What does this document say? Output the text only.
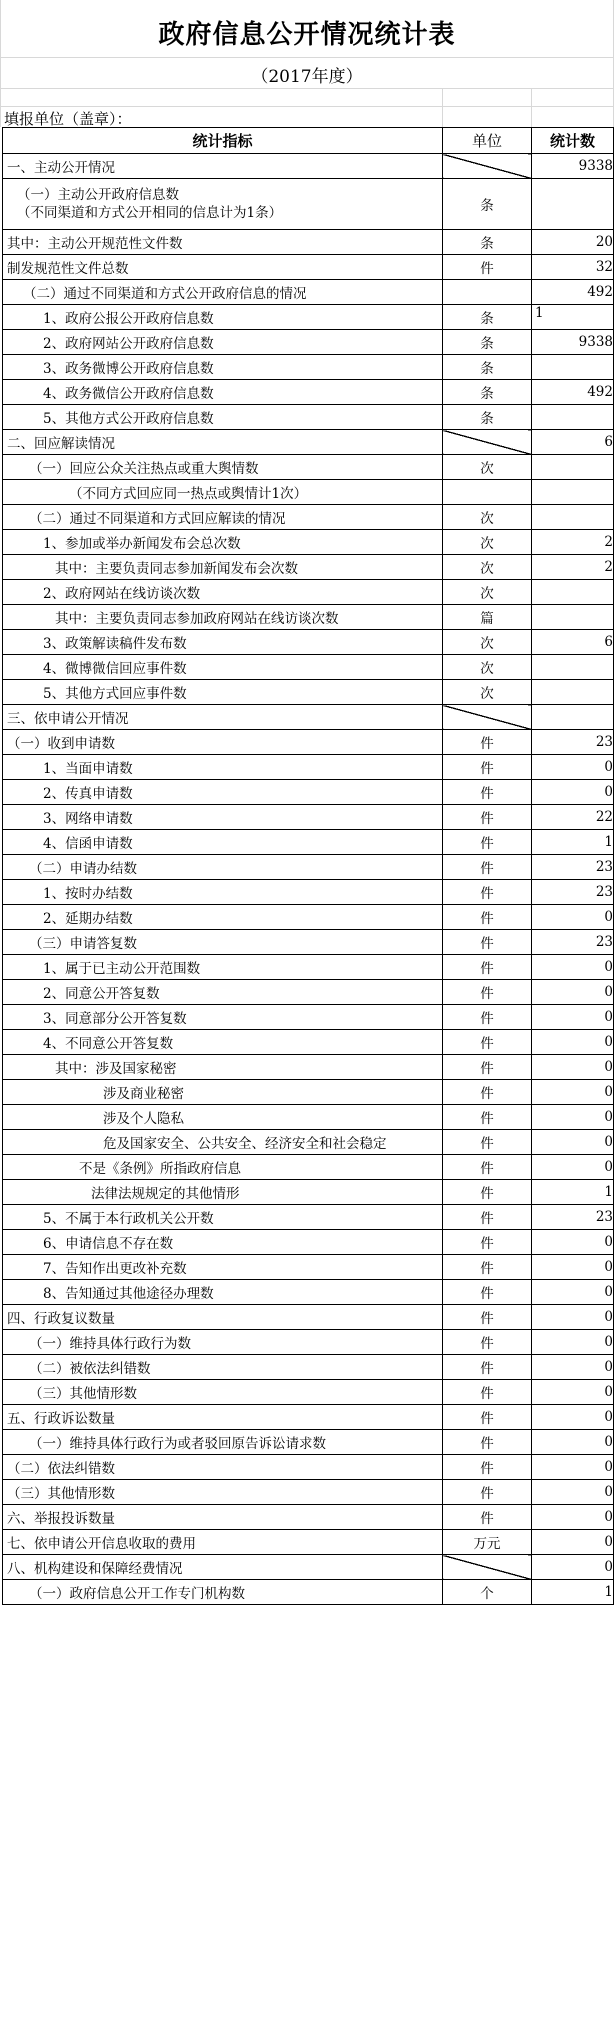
政府信息公开情况统计表
（2017年度）
填报单位（盖章）：
统计指标	单位	统计数
一、主动公开情况		9338
（一）主动公开政府信息数
（不同渠道和方式公开相同的信息计为1条）	条	
其中：主动公开规范性文件数	条	20
制发规范性文件总数	件	32
（二）通过不同渠道和方式公开政府信息的情况		492
1、政府公报公开政府信息数	条	1
2、政府网站公开政府信息数	条	9338
3、政务微博公开政府信息数	条	
4、政务微信公开政府信息数	条	492
5、其他方式公开政府信息数	条	
二、回应解读情况		6
（一）回应公众关注热点或重大舆情数	次	
（不同方式回应同一热点或舆情计1次）		
（二）通过不同渠道和方式回应解读的情况	次	
1、参加或举办新闻发布会总次数	次	2
其中：主要负责同志参加新闻发布会次数	次	2
2、政府网站在线访谈次数	次	
其中：主要负责同志参加政府网站在线访谈次数	篇	
3、政策解读稿件发布数	次	6
4、微博微信回应事件数	次	
5、其他方式回应事件数	次	
三、依申请公开情况		
（一）收到申请数	件	23
1、当面申请数	件	0
2、传真申请数	件	0
3、网络申请数	件	22
4、信函申请数	件	1
（二）申请办结数	件	23
1、按时办结数	件	23
2、延期办结数	件	0
（三）申请答复数	件	23
1、属于已主动公开范围数	件	0
2、同意公开答复数	件	0
3、同意部分公开答复数	件	0
4、不同意公开答复数	件	0
其中：涉及国家秘密	件	0
涉及商业秘密	件	0
涉及个人隐私	件	0
危及国家安全、公共安全、经济安全和社会稳定	件	0
不是《条例》所指政府信息	件	0
法律法规规定的其他情形	件	1
5、不属于本行政机关公开数	件	23
6、申请信息不存在数	件	0
7、告知作出更改补充数	件	0
8、告知通过其他途径办理数	件	0
四、行政复议数量	件	0
（一）维持具体行政行为数	件	0
（二）被依法纠错数	件	0
（三）其他情形数	件	0
五、行政诉讼数量	件	0
（一）维持具体行政行为或者驳回原告诉讼请求数	件	0
（二）依法纠错数	件	0
（三）其他情形数	件	0
六、举报投诉数量	件	0
七、依申请公开信息收取的费用	万元	0
八、机构建设和保障经费情况		0
（一）政府信息公开工作专门机构数	个	1
